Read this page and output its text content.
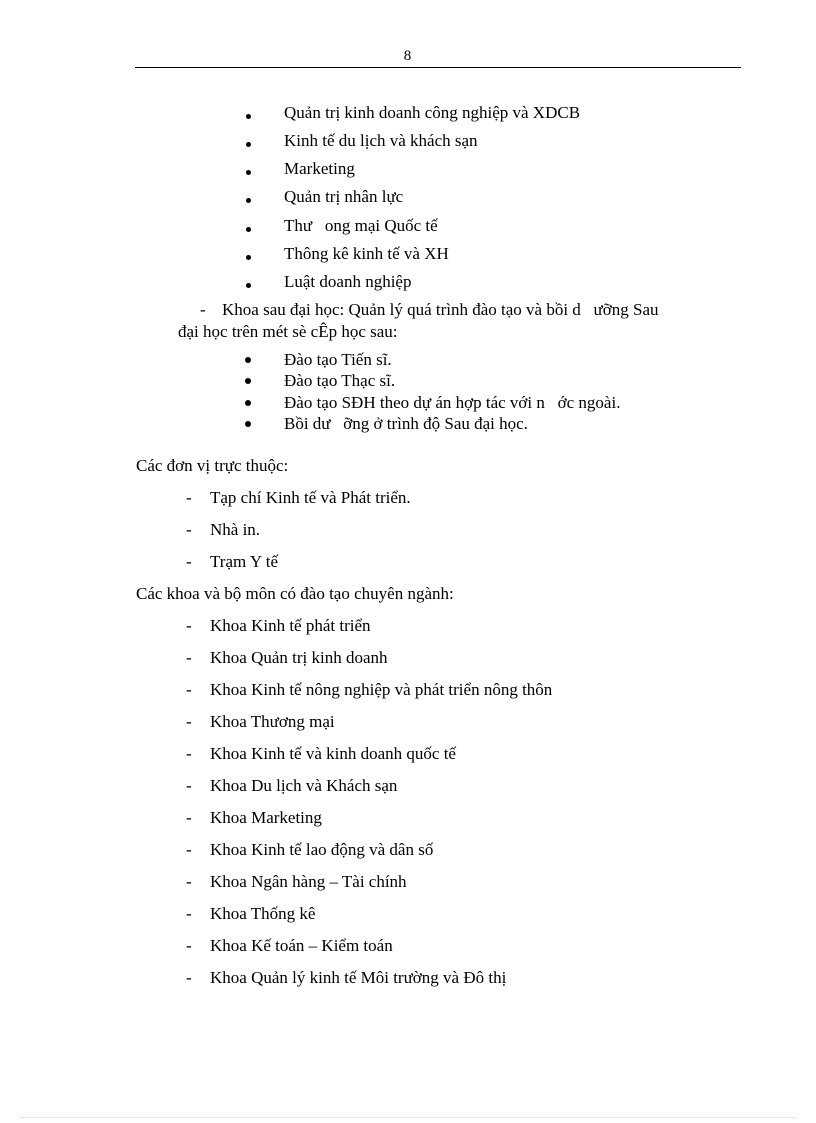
8
Quản trị kinh doanh công nghiệp và XDCB
Kinh tế du lịch và khách sạn
Marketing
Quản trị nhân lực
Thư   ong mại Quốc tế
Thông kê kinh tế và XH
Luật doanh nghiệp
- Khoa sau đại học: Quản lý quá trình đào tạo và bồi d   ưỡng Sau
đại học trên mét sè cÊp học sau:
Đào tạo Tiến sĩ.
Đào tạo Thạc sĩ.
Đào tạo SĐH theo dự án hợp tác với n   ớc ngoài.
Bồi dư   ỡng ở trình độ Sau đại học.
Các đơn vị trực thuộc:
- Tạp chí Kinh tế và Phát triển.
- Nhà in.
- Trạm Y tế
Các khoa và bộ môn có đào tạo chuyên ngành:
- Khoa Kinh tế phát triển
- Khoa Quản trị kinh doanh
- Khoa Kinh tế nông nghiệp và phát triển nông thôn
- Khoa Thương mại
- Khoa Kinh tế và kinh doanh quốc tế
- Khoa Du lịch và Khách sạn
- Khoa Marketing
- Khoa Kinh tế lao động và dân số
- Khoa Ngân hàng – Tài chính
- Khoa Thống kê
- Khoa Kế toán – Kiểm toán
- Khoa Quản lý kinh tế Môi trường và Đô thị
